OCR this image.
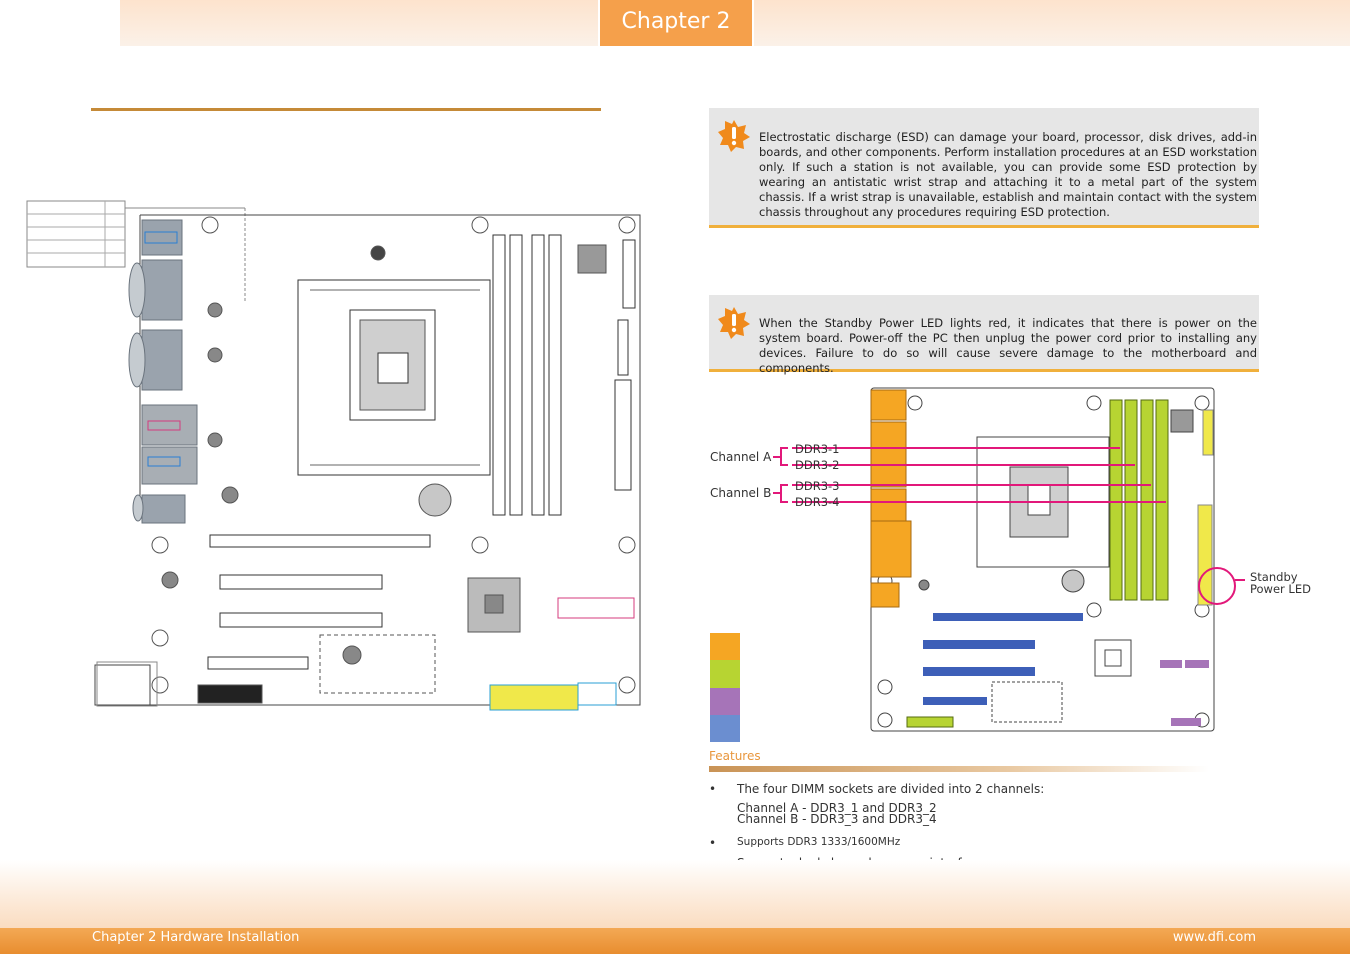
Chapter 2
Electrostatic discharge (ESD) can damage your board, processor, disk drives, add-in boards, and other components. Perform installation procedures at an ESD workstation only. If such a station is not available, you can provide some ESD protection by wearing an antistatic wrist strap and attaching it to a metal part of the system chassis. If a wrist strap is unavailable, establish and maintain contact with the system chassis throughout any procedures requiring ESD protection.
When the Standby Power LED lights red, it indicates that there is power on the system board. Power-off the PC then unplug the power cord prior to installing any devices. Failure to do so will cause severe damage to the motherboard and components.
Channel A
Channel B
DDR3-1
DDR3-2
DDR3-3
DDR3-4
Standby
Power LED
Features
• The four DIMM sockets are divided into 2 channels:
Channel A - DDR3_1 and DDR3_2
Channel B - DDR3_3 and DDR3_4
• Supports DDR3 1333/1600MHz
Chapter 2 Hardware Installation	www.dfi.com
